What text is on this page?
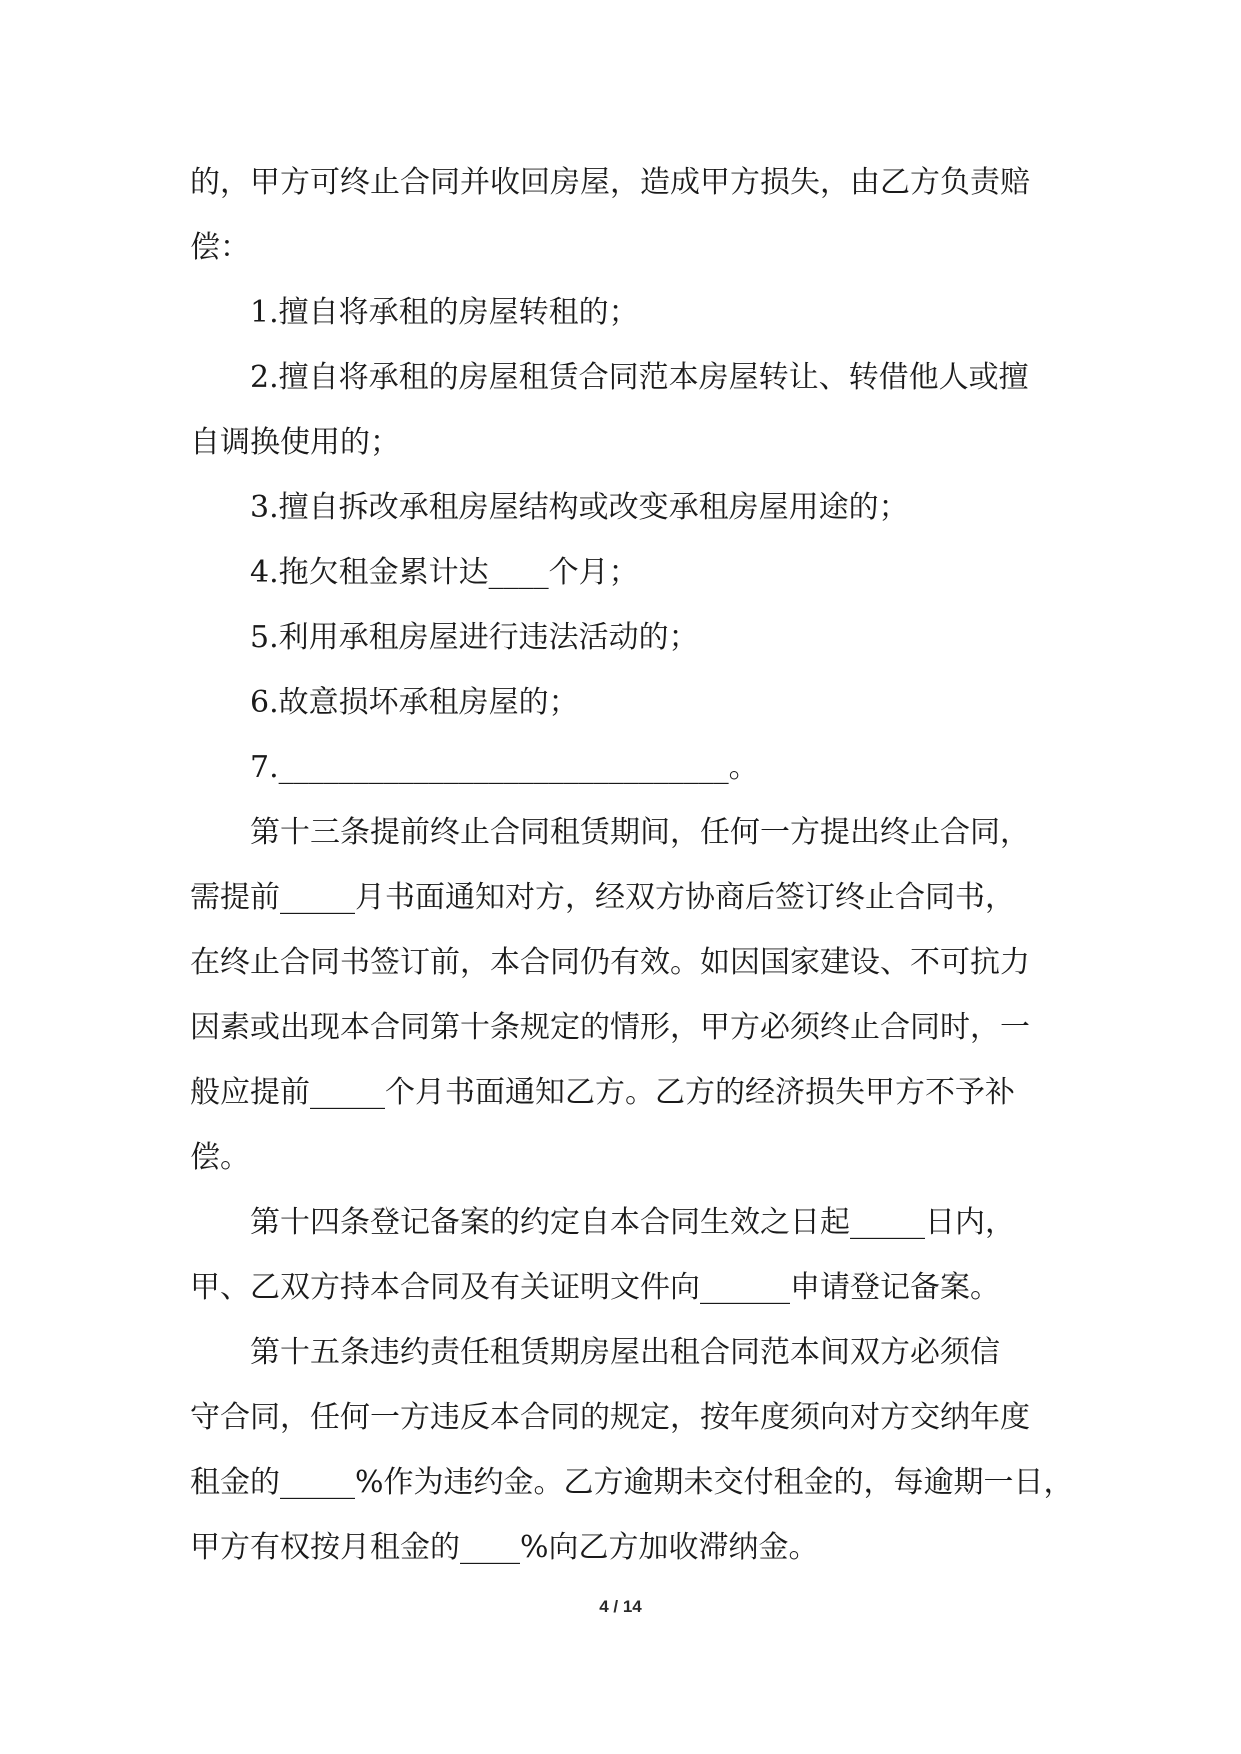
的，甲方可终止合同并收回房屋，造成甲方损失，由乙方负责赔
偿：
1.擅自将承租的房屋转租的；
2.擅自将承租的房屋租赁合同范本房屋转让、转借他人或擅
自调换使用的；
3.擅自拆改承租房屋结构或改变承租房屋用途的；
4.拖欠租金累计达____个月；
5.利用承租房屋进行违法活动的；
6.故意损坏承租房屋的；
7.______________________________。
第十三条提前终止合同租赁期间，任何一方提出终止合同，
需提前_____月书面通知对方，经双方协商后签订终止合同书，
在终止合同书签订前，本合同仍有效。如因国家建设、不可抗力
因素或出现本合同第十条规定的情形，甲方必须终止合同时，一
般应提前_____个月书面通知乙方。乙方的经济损失甲方不予补
偿。
第十四条登记备案的约定自本合同生效之日起_____日内，
甲、乙双方持本合同及有关证明文件向______申请登记备案。
第十五条违约责任租赁期房屋出租合同范本间双方必须信
守合同，任何一方违反本合同的规定，按年度须向对方交纳年度
租金的_____%作为违约金。乙方逾期未交付租金的，每逾期一日，
甲方有权按月租金的____%向乙方加收滞纳金。
4 / 14
